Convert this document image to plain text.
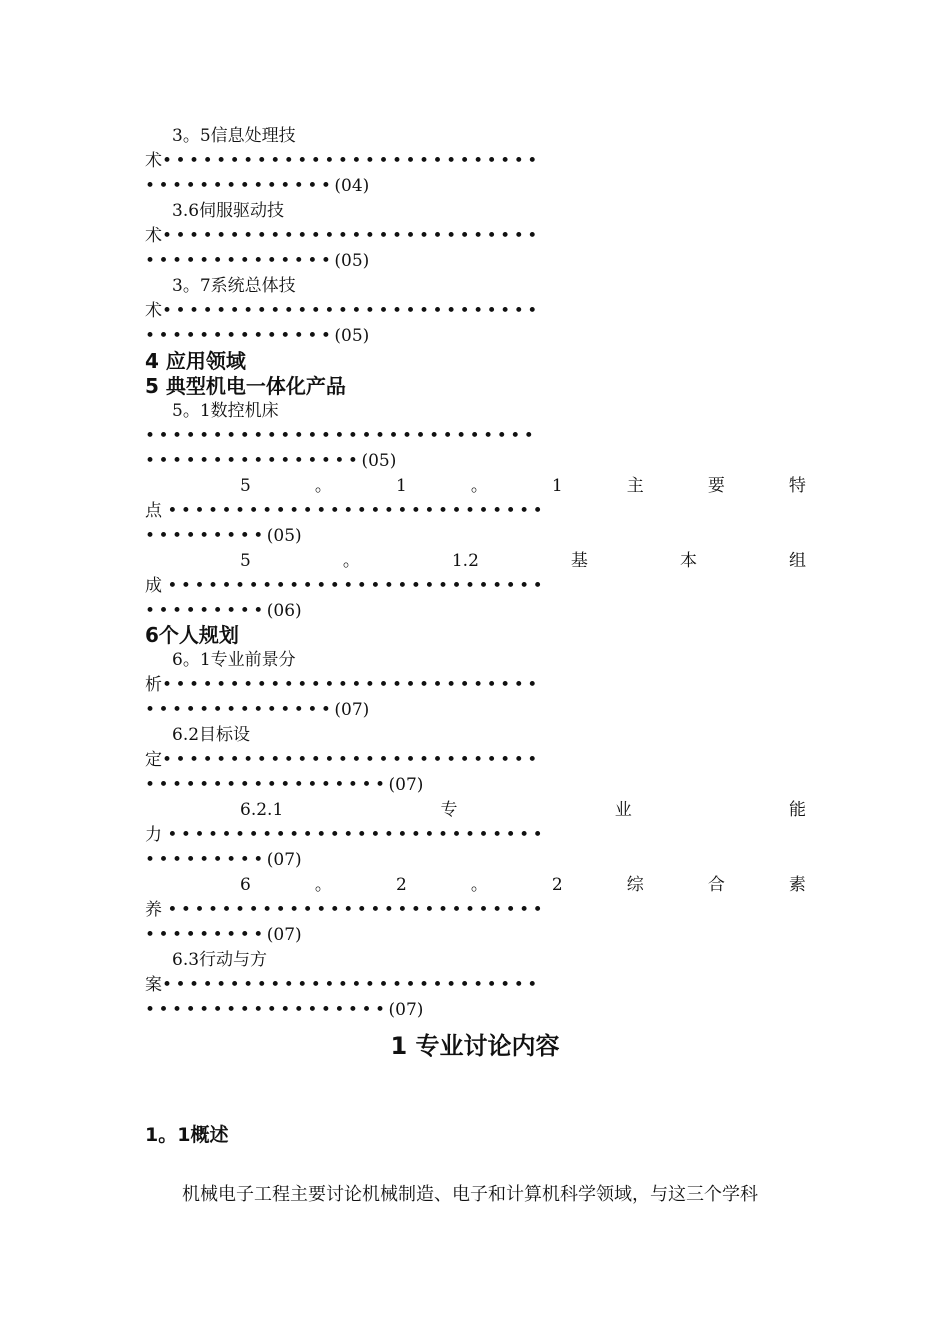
3。5信息处理技
术••••••••••••••••••••••••••••
••••••••••••••(04)
3.6伺服驱动技
术••••••••••••••••••••••••••••
••••••••••••••(05)
3。7系统总体技
术••••••••••••••••••••••••••••
••••••••••••••(05)
4 应用领域
5 典型机电一体化产品
5。1数控机床
•••••••••••••••••••••••••••••
••••••••••••••••(05)
5	。	1	。	1	主	要	特
点 ••••••••••••••••••••••••••••
•••••••••(05)
5	。	1.2	基	本	组
成 ••••••••••••••••••••••••••••
•••••••••(06)
6个人规划
6。1专业前景分
析••••••••••••••••••••••••••••
••••••••••••••(07)
6.2目标设
定••••••••••••••••••••••••••••
••••••••••••••••••(07)
6.2.1	专	业	能
力 ••••••••••••••••••••••••••••
•••••••••(07)
6	。	2	。	2	综	合	素
养 ••••••••••••••••••••••••••••
•••••••••(07)
6.3行动与方
案••••••••••••••••••••••••••••
••••••••••••••••••(07)
1 专业讨论内容
1。1概述
机械电子工程主要讨论机械制造、电子和计算机科学领域，与这三个学科
